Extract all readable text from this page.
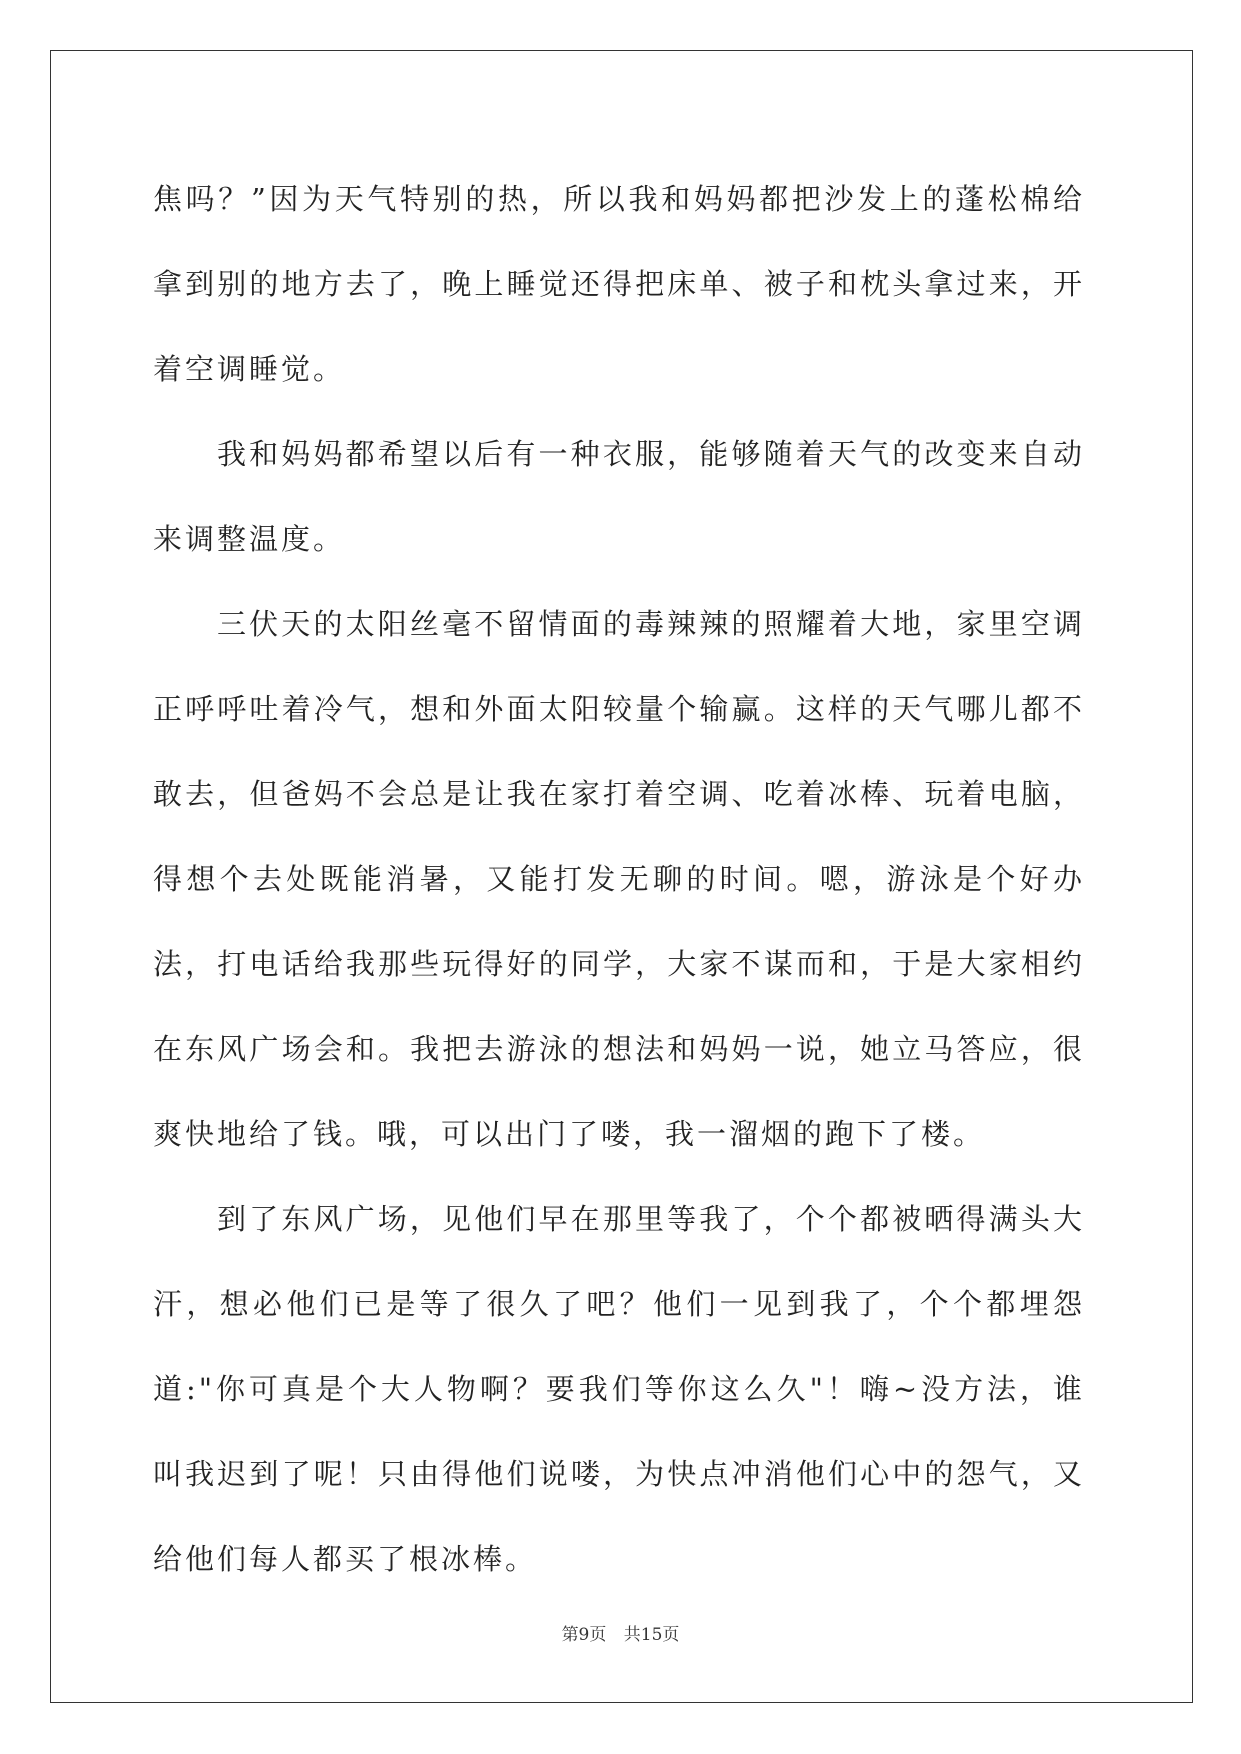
焦吗？”因为天气特别的热，所以我和妈妈都把沙发上的蓬松棉给拿到别的地方去了，晚上睡觉还得把床单、被子和枕头拿过来，开着空调睡觉。

我和妈妈都希望以后有一种衣服，能够随着天气的改变来自动来调整温度。

三伏天的太阳丝毫不留情面的毒辣辣的照耀着大地，家里空调正呼呼吐着冷气，想和外面太阳较量个输赢。这样的天气哪儿都不敢去，但爸妈不会总是让我在家打着空调、吃着冰棒、玩着电脑，得想个去处既能消暑，又能打发无聊的时间。嗯，游泳是个好办法，打电话给我那些玩得好的同学，大家不谋而和，于是大家相约在东风广场会和。我把去游泳的想法和妈妈一说，她立马答应，很爽快地给了钱。哦，可以出门了喽，我一溜烟的跑下了楼。

到了东风广场，见他们早在那里等我了，个个都被晒得满头大汗，想必他们已是等了很久了吧？他们一见到我了，个个都埋怨道:"你可真是个大人物啊？要我们等你这么久"！嗨~没方法，谁叫我迟到了呢！只由得他们说喽，为快点冲消他们心中的怨气，又给他们每人都买了根冰棒。

第9页 共15页
